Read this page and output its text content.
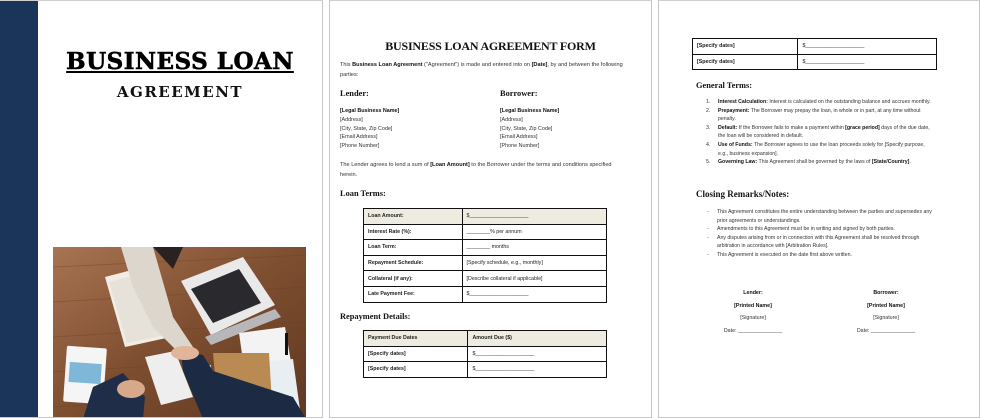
BUSINESS LOAN
AGREEMENT
BUSINESS LOAN AGREEMENT FORM
This Business Loan Agreement ("Agreement") is made and entered into on [Date], by and between the following parties:
Lender:	Borrower:
[Legal Business Name]
[Address]
[City, State, Zip Code]
[Email Address]
[Phone Number]
[Legal Business Name]
[Address]
[City, State, Zip Code]
[Email Address]
[Phone Number]
The Lender agrees to lend a sum of [Loan Amount] to the Borrower under the terms and conditions specified herein.
Loan Terms:
Loan Amount:	$____________________
Interest Rate (%):	________% per annum
Loan Term:	________ months
Repayment Schedule:	[Specify schedule, e.g., monthly]
Collateral (if any):	[Describe collateral if applicable]
Late Payment Fee:	$____________________
Repayment Details:
Payment Due Dates	Amount Due ($)
[Specify dates]	$____________________
[Specify dates]	$____________________
[Specify dates]	$____________________
[Specify dates]	$____________________
General Terms:
1.	Interest Calculation: Interest is calculated on the outstanding balance and accrues monthly.
2.	Prepayment: The Borrower may prepay the loan, in whole or in part, at any time without penalty.
3.	Default: If the Borrower fails to make a payment within [grace period] days of the due date, the loan will be considered in default.
4.	Use of Funds: The Borrower agrees to use the loan proceeds solely for [Specify purpose, e.g., business expansion].
5.	Governing Law: This Agreement shall be governed by the laws of [State/Country].
Closing Remarks/Notes:
-	This Agreement constitutes the entire understanding between the parties and supersedes any prior agreements or understandings.
-	Amendments to this Agreement must be in writing and signed by both parties.
-	Any disputes arising from or in connection with this Agreement shall be resolved through arbitration in accordance with [Arbitration Rules].
-	This Agreement is executed on the date first above written.
Lender:
[Printed Name]
[Signature]
Date: _______________
Borrower:
[Printed Name]
[Signature]
Date: _______________
